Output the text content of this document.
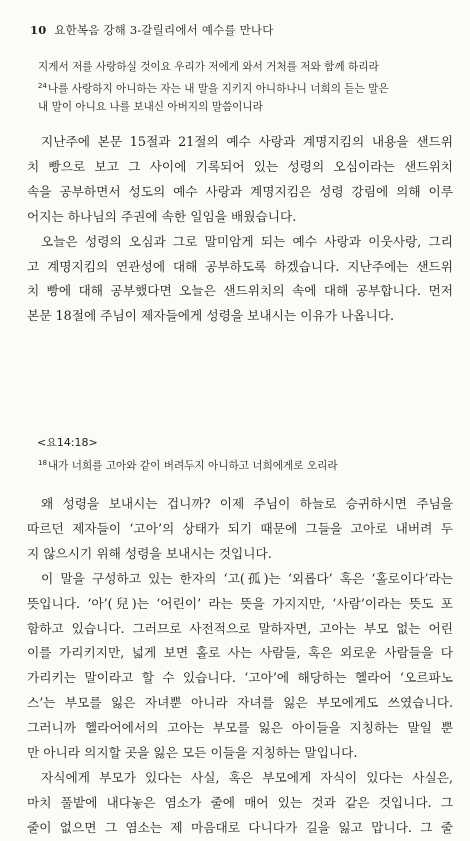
10 요한복음 강해 3-갈릴리에서 예수를 만나다
지게서 저를 사랑하실 것이요 우리가 저에게 와서 거처를 저와 함께 하리라
$^{24}$나를 사랑하지 아니하는 자는 내 말을 지키지 아니하나니 너희의 듣는 말은
내 말이 아니요 나를 보내신 아버지의 말씀이니라
지난주에 본문 15절과 21절의 예수 사랑과 계명지킴의 내용을 샌드위
치 빵으로 보고 그 사이에 기록되어 있는 성령의 오심이라는 샌드위치
속을 공부하면서 성도의 예수 사랑과 계명지킴은 성령 강림에 의해 이루
어지는 하나님의 주권에 속한 일임을 배웠습니다.
오늘은 성령의 오심과 그로 말미암게 되는 예수 사랑과 이웃사랑, 그리
고 계명지킴의 연관성에 대해 공부하도록 하겠습니다. 지난주에는 샌드위
치 빵에 대해 공부했다면 오늘은 샌드위치의 속에 대해 공부합니다. 먼저
본문 18절에 주님이 제자들에게 성령을 보내시는 이유가 나옵니다.
<요14:18>
$^{18}$내가 너희를 고아와 같이 버려두지 아니하고 너희에게로 오리라
왜 성령을 보내시는 겁니까? 이제 주님이 하늘로 승귀하시면 주님을
따르던 제자들이 ‘고아’의 상태가 되기 때문에 그들을 고아로 내버려 두
지 않으시기 위해 성령을 보내시는 것입니다.
이 말을 구성하고 있는 한자의 ‘고(孤)는 ‘외롭다’ 혹은 ‘홀로이다’라는
뜻입니다. ‘아’(兒)는 ‘어린이’ 라는 뜻을 가지지만, ‘사람’이라는 뜻도 포
함하고 있습니다. 그러므로 사전적으로 말하자면, 고아는 부모 없는 어린
이를 가리키지만, 넓게 보면 홀로 사는 사람들, 혹은 외로운 사람들을 다
가리키는 말이라고 할 수 있습니다. ‘고아’에 해당하는 헬라어 ‘오르파노
스’는 부모를 잃은 자녀뿐 아니라 자녀를 잃은 부모에게도 쓰였습니다.
그러니까 헬라어에서의 고아는 부모를 잃은 아이들을 지칭하는 말일 뿐
만 아니라 의지할 곳을 잃은 모든 이들을 지칭하는 말입니다.
자식에게 부모가 있다는 사실, 혹은 부모에게 자식이 있다는 사실은,
마치 풀밭에 내다놓은 염소가 줄에 매어 있는 것과 같은 것입니다. 그
줄이 없으면 그 염소는 제 마음대로 다니다가 길을 잃고 맙니다. 그 줄
